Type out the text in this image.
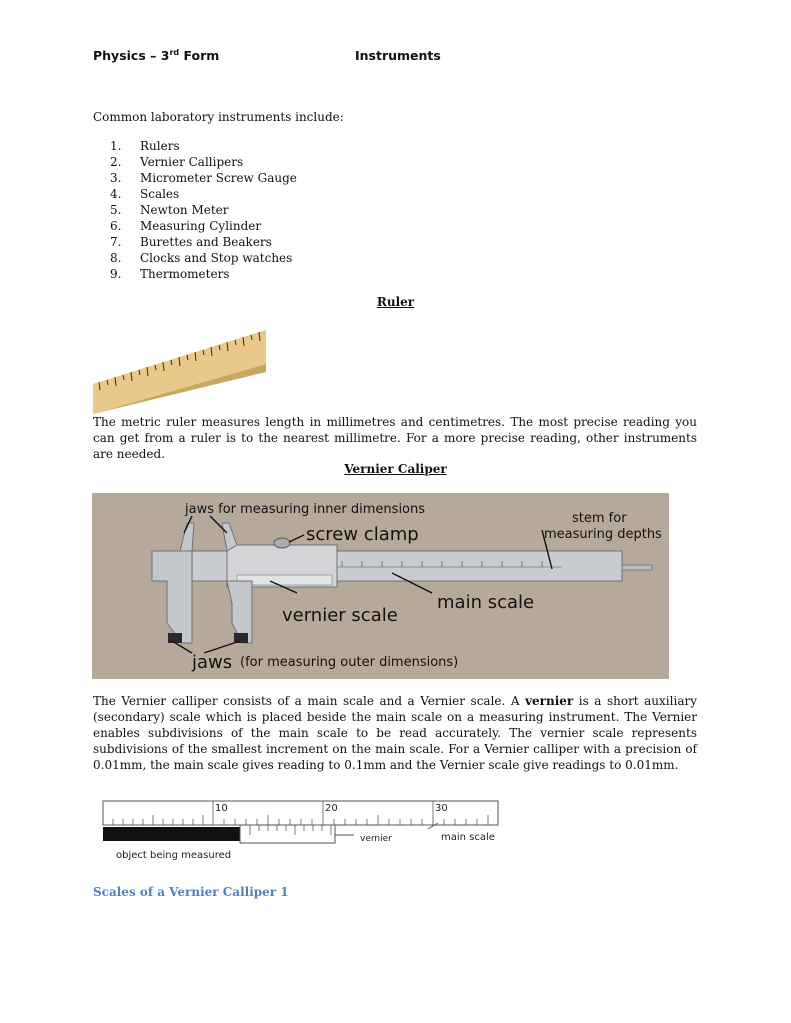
Physics – 3rd Form	Instruments
Common laboratory instruments include:
1.	Rulers
2.	Vernier Callipers
3.	Micrometer Screw Gauge
4.	Scales
5.	Newton Meter
6.	Measuring Cylinder
7.	Burettes and Beakers
8.	Clocks and Stop watches
9.	Thermometers
Ruler
The metric ruler measures length in millimetres and centimetres. The most precise reading you can get from a ruler is to the nearest millimetre. For a more precise reading, other instruments are needed.
Vernier Caliper
jaws for measuring inner dimensions
screw clamp
stem for
measuring depths
main scale
vernier scale
jaws (for measuring outer dimensions)
The Vernier calliper consists of a main scale and a Vernier scale. A vernier is a short auxiliary (secondary) scale which is placed beside the main scale on a measuring instrument. The Vernier enables subdivisions of the main scale to be read accurately. The vernier scale represents subdivisions of the smallest increment on the main scale. For a Vernier calliper with a precision of 0.01mm, the main scale gives reading to 0.1mm and the Vernier scale give readings to 0.01mm.
10	20	30
object being measured
vernier	main scale
Scales of a Vernier Calliper 1
